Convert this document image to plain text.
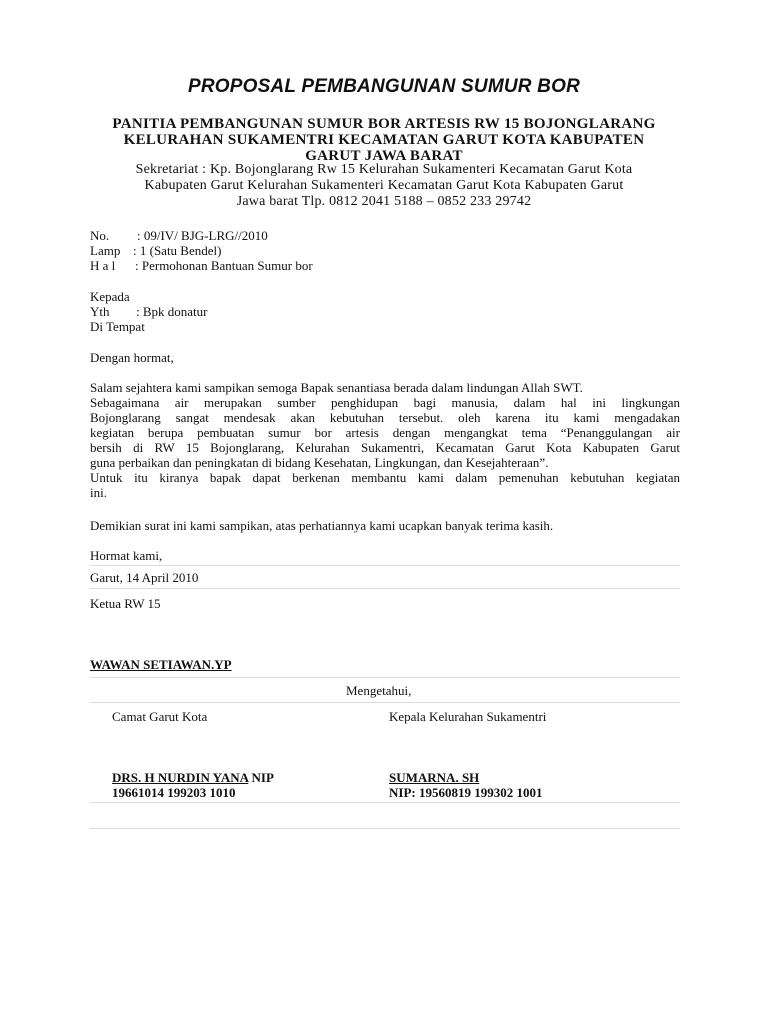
PROPOSAL PEMBANGUNAN SUMUR BOR
PANITIA PEMBANGUNAN SUMUR BOR ARTESIS RW 15 BOJONGLARANG
KELURAHAN SUKAMENTRI KECAMATAN GARUT KOTA KABUPATEN
GARUT JAWA BARAT
Sekretariat : Kp. Bojonglarang Rw 15 Kelurahan Sukamenteri Kecamatan Garut Kota
Kabupaten Garut Kelurahan Sukamenteri Kecamatan Garut Kota Kabupaten Garut
Jawa barat Tlp. 0812 2041 5188 – 0852 233 29742
No. : 09/IV/ BJG-LRG//2010
Lamp : 1 (Satu Bendel)
H a l : Permohonan Bantuan Sumur bor
Kepada
Yth : Bpk donatur
Di Tempat
Dengan hormat,
Salam sejahtera kami sampikan semoga Bapak senantiasa berada dalam lindungan Allah SWT.
Sebagaimana air merupakan sumber penghidupan bagi manusia, dalam hal ini lingkungan
Bojonglarang sangat mendesak akan kebutuhan tersebut. oleh karena itu kami mengadakan
kegiatan berupa pembuatan sumur bor artesis dengan mengangkat tema “Penanggulangan air
bersih di RW 15 Bojonglarang, Kelurahan Sukamentri, Kecamatan Garut Kota Kabupaten Garut
guna perbaikan dan peningkatan di bidang Kesehatan, Lingkungan, dan Kesejahteraan”.
Untuk itu kiranya bapak dapat berkenan membantu kami dalam pemenuhan kebutuhan kegiatan
ini.
Demikian surat ini kami sampikan, atas perhatiannya kami ucapkan banyak terima kasih.
Hormat kami,
Garut, 14 April 2010
Ketua RW 15
WAWAN SETIAWAN.YP
Mengetahui,
Camat Garut Kota	Kepala Kelurahan Sukamentri
DRS. H NURDIN YANA NIP
19661014 199203 1010
SUMARNA. SH
NIP: 19560819 199302 1001
